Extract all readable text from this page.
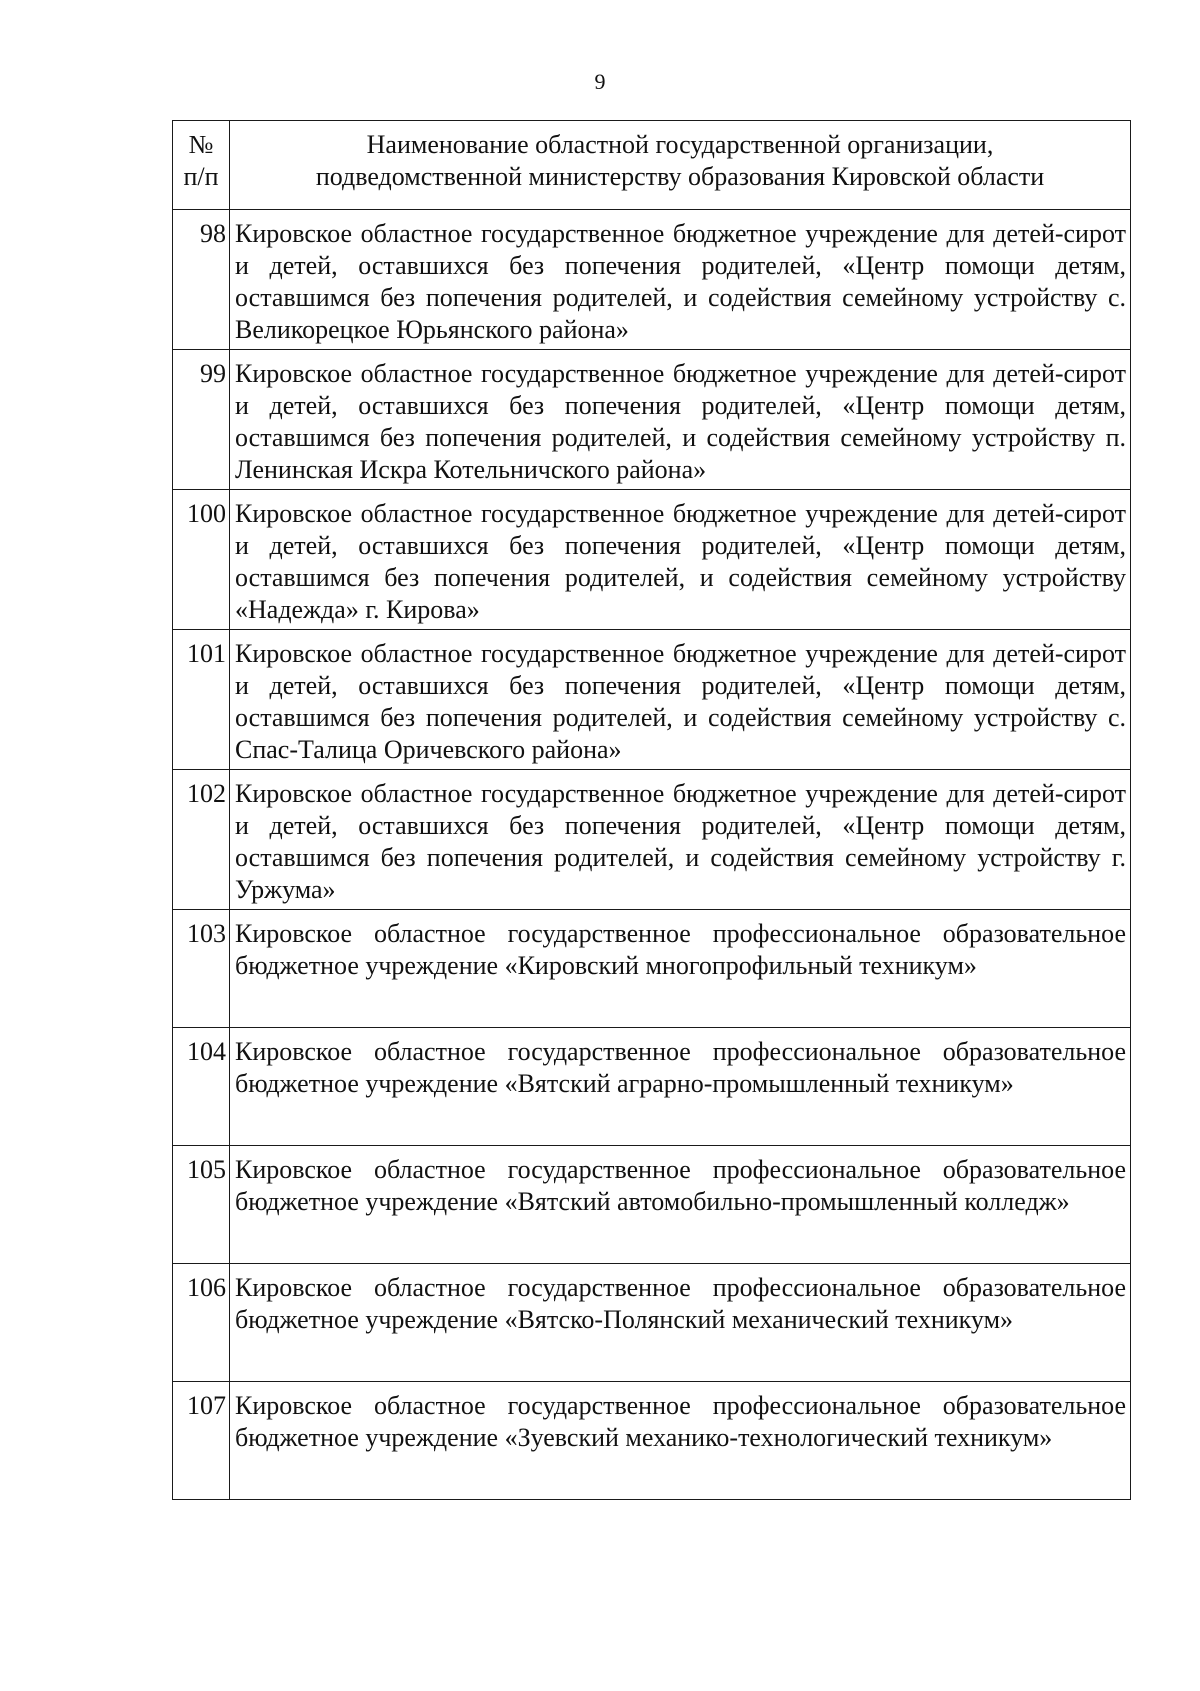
9
№
п/п	Наименование областной государственной организации,
подведомственной министерству образования Кировской области

98	Кировское областное государственное бюджетное учреждение для детей-сирот и детей, оставшихся без попечения родителей, «Центр помощи детям, оставшимся без попечения родителей, и содействия семейному устройству с. Великорецкое Юрьянского района»
99	Кировское областное государственное бюджетное учреждение для детей-сирот и детей, оставшихся без попечения родителей, «Центр помощи детям, оставшимся без попечения родителей, и содействия семейному устройству п. Ленинская Искра Котельничского района»
100	Кировское областное государственное бюджетное учреждение для детей-сирот и детей, оставшихся без попечения родителей, «Центр помощи детям, оставшимся без попечения родителей, и содействия семейному устройству «Надежда» г. Кирова»
101	Кировское областное государственное бюджетное учреждение для детей-сирот и детей, оставшихся без попечения родителей, «Центр помощи детям, оставшимся без попечения родителей, и содействия семейному устройству с. Спас-Талица Оричевского района»
102	Кировское областное государственное бюджетное учреждение для детей-сирот и детей, оставшихся без попечения родителей, «Центр помощи детям, оставшимся без попечения родителей, и содействия семейному устройству г. Уржума»
103	Кировское областное государственное профессиональное образовательное бюджетное учреждение «Кировский многопрофильный техникум»
104	Кировское областное государственное профессиональное образовательное бюджетное учреждение «Вятский аграрно-промышленный техникум»
105	Кировское областное государственное профессиональное образовательное бюджетное учреждение «Вятский автомобильно-промышленный колледж»
106	Кировское областное государственное профессиональное образовательное бюджетное учреждение «Вятско-Полянский механический техникум»
107	Кировское областное государственное профессиональное образовательное бюджетное учреждение «Зуевский механико-технологический техникум»
